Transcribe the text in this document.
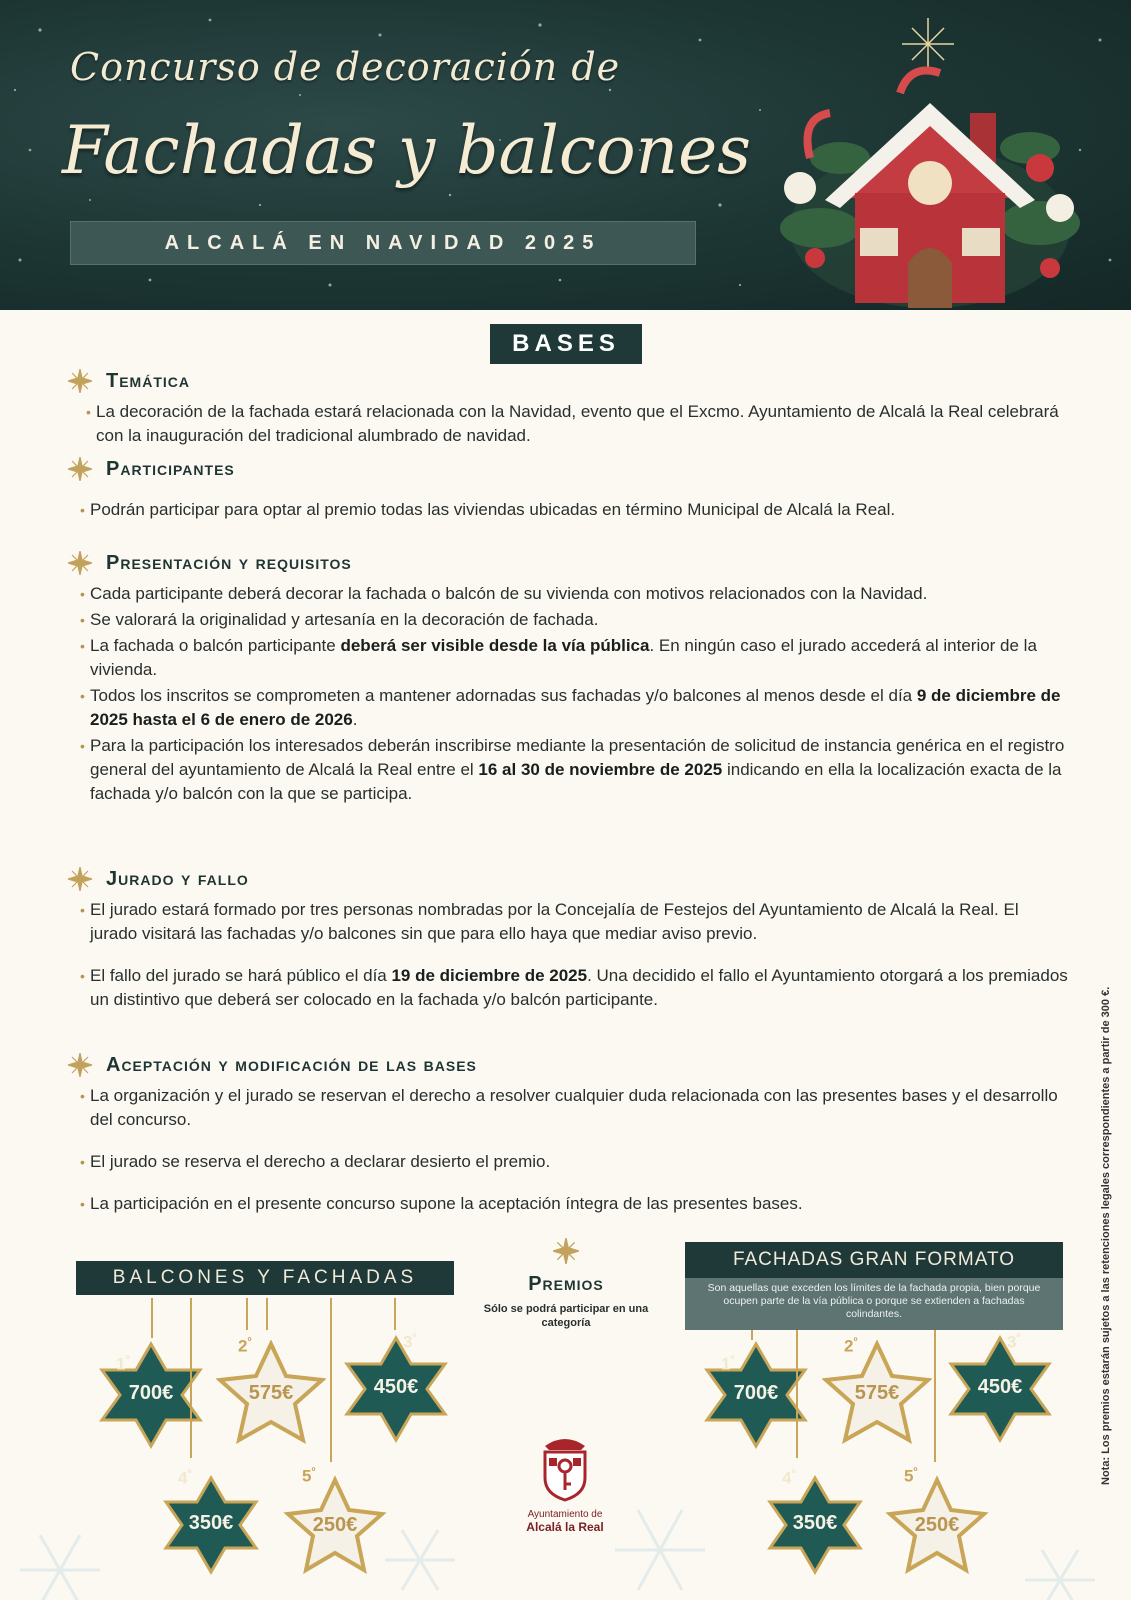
Concurso de decoración de
Fachadas y balcones
ALCALÁ EN NAVIDAD 2025
BASES
Temática
• La decoración de la fachada estará relacionada con la Navidad, evento que el Excmo. Ayuntamiento de Alcalá la Real celebrará con la inauguración del tradicional alumbrado de navidad.
Participantes
• Podrán participar para optar al premio todas las viviendas ubicadas en término Municipal de Alcalá la Real.
Presentación y requisitos
• Cada participante deberá decorar la fachada o balcón de su vivienda con motivos relacionados con la Navidad.
• Se valorará la originalidad y artesanía en la decoración de fachada.
• La fachada o balcón participante deberá ser visible desde la vía pública. En ningún caso el jurado accederá al interior de la vivienda.
• Todos los inscritos se comprometen a mantener adornadas sus fachadas y/o balcones al menos desde el día 9 de diciembre de 2025 hasta el 6 de enero de 2026.
• Para la participación los interesados deberán inscribirse mediante la presentación de solicitud de instancia genérica en el registro general del ayuntamiento de Alcalá la Real entre el 16 al 30 de noviembre de 2025 indicando en ella la localización exacta de la fachada y/o balcón con la que se participa.
Jurado y fallo
• El jurado estará formado por tres personas nombradas por la Concejalía de Festejos del Ayuntamiento de Alcalá la Real. El jurado visitará las fachadas y/o balcones sin que para ello haya que mediar aviso previo.
• El fallo del jurado se hará público el día 19 de diciembre de 2025. Una decidido el fallo el Ayuntamiento otorgará a los premiados un distintivo que deberá ser colocado en la fachada y/o balcón participante.
Aceptación y modificación de las bases
• La organización y el jurado se reservan el derecho a resolver cualquier duda relacionada con las presentes bases y el desarrollo del concurso.
• El jurado se reserva el derecho a declarar desierto el premio.
• La participación en el presente concurso supone la aceptación íntegra de las presentes bases.	Nota: Los premios estarán sujetos a las retenciones legales correspondientes a partir de 300 €.
BALCONES Y FACHADAS
FACHADAS GRAN FORMATO
Son aquellas que exceden los límites de la fachada propia, bien porque ocupen parte de la vía pública o porque se extienden a fachadas colindantes.
Premios
Sólo se podrá participar en una categoría
$1^º$
700€
$2^º$
575€
$3^º$
450€
$4^º$
350€
$5^º$
250€
$1^º$
700€
$2^º$
575€
$3^º$
450€
$4^º$
350€
$5^º$
250€
Ayuntamiento de
Alcalá la Real
